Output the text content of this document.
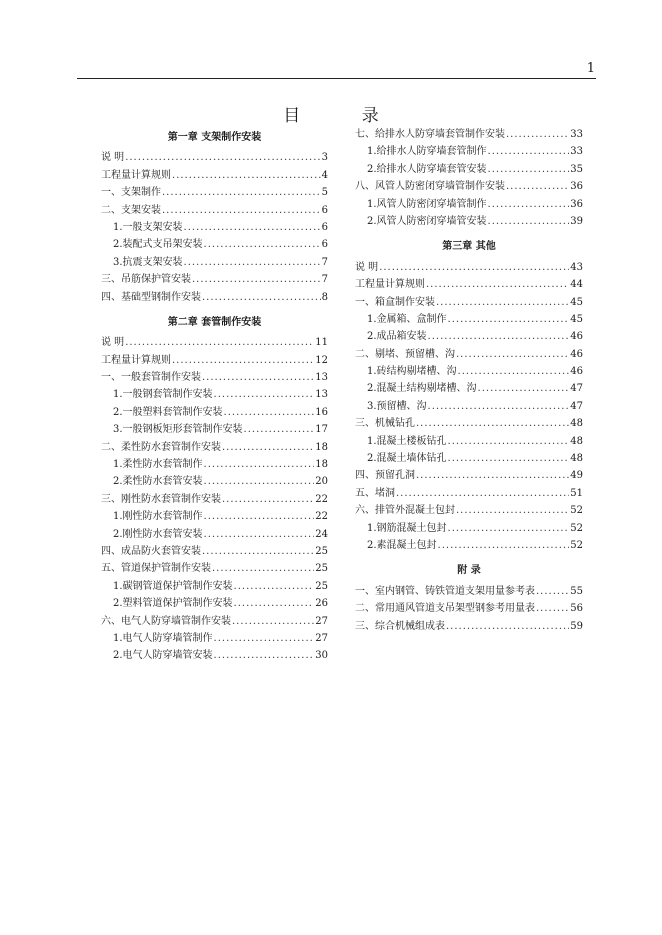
1
目 录
第一章 支架制作安装
说 明 .....	3
工程量计算规则 .....	4
一、支架制作 .....	5
二、支架安装 .....	6
1.一般支架安装 .....	6
2.装配式支吊架安装 .....	6
3.抗震支架安装 .....	7
三、吊筋保护管安装 .....	7
四、基础型钢制作安装 .....	8
第二章 套管制作安装
说 明 .....	11
工程量计算规则 .....	12
一、一般套管制作安装 .....	13
1.一般钢套管制作安装 .....	13
2.一般塑料套管制作安装 .....	16
3.一般钢板矩形套管制作安装 .....	17
二、柔性防水套管制作安装 .....	18
1.柔性防水套管制作 .....	18
2.柔性防水套管安装 .....	20
三、刚性防水套管制作安装 .....	22
1.刚性防水套管制作 .....	22
2.刚性防水套管安装 .....	24
四、成品防火套管安装 .....	25
五、管道保护管制作安装 .....	25
1.碳钢管道保护管制作安装 .....	25
2.塑料管道保护管制作安装 .....	26
六、电气人防穿墙管制作安装 .....	27
1.电气人防穿墙管制作 .....	27
2.电气人防穿墙管安装 .....	30
七、给排水人防穿墙套管制作安装 .....	33
1.给排水人防穿墙套管制作 .....	33
2.给排水人防穿墙套管安装 .....	35
八、风管人防密闭穿墙管制作安装 .....	36
1.风管人防密闭穿墙管制作 .....	36
2.风管人防密闭穿墙管安装 .....	39
第三章 其他
说 明 .....	43
工程量计算规则 .....	44
一、箱盒制作安装 .....	45
1.金属箱、盒制作 .....	45
2.成品箱安装 .....	46
二、剔堵、预留槽、沟 .....	46
1.砖结构剔堵槽、沟 .....	46
2.混凝土结构剔堵槽、沟 .....	47
3.预留槽、沟 .....	47
三、机械钻孔 .....	48
1.混凝土楼板钻孔 .....	48
2.混凝土墙体钻孔 .....	48
四、预留孔洞 .....	49
五、堵洞 .....	51
六、排管外混凝土包封 .....	52
1.钢筋混凝土包封 .....	52
2.素混凝土包封 .....	52
附 录
一、室内钢管、铸铁管道支架用量参考表 .....	55
二、常用通风管道支吊架型钢参考用量表 .....	56
三、综合机械组成表 .....	59
